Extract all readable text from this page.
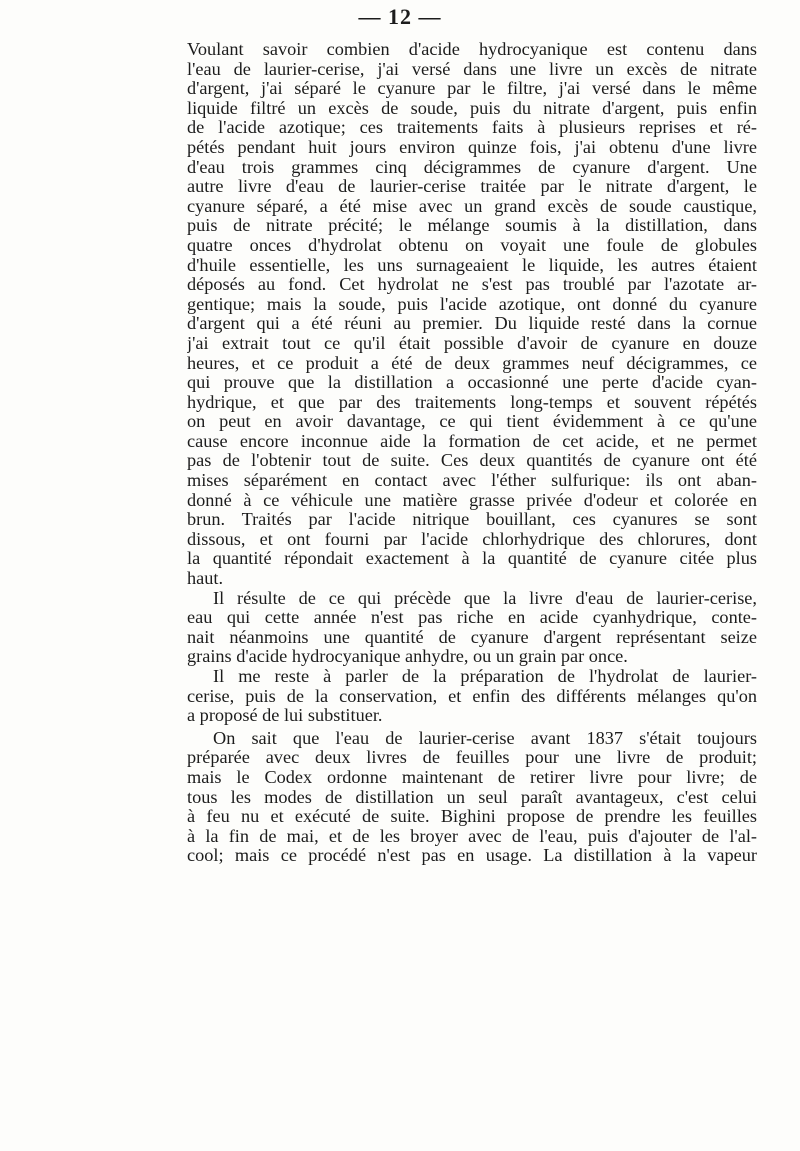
— 12 —
Voulant savoir combien d'acide hydrocyanique est contenu dans
l'eau de laurier-cerise, j'ai versé dans une livre un excès de nitrate
d'argent, j'ai séparé le cyanure par le filtre, j'ai versé dans le même
liquide filtré un excès de soude, puis du nitrate d'argent, puis enfin
de l'acide azotique; ces traitements faits à plusieurs reprises et ré-
pétés pendant huit jours environ quinze fois, j'ai obtenu d'une livre
d'eau trois grammes cinq décigrammes de cyanure d'argent. Une
autre livre d'eau de laurier-cerise traitée par le nitrate d'argent, le
cyanure séparé, a été mise avec un grand excès de soude caustique,
puis de nitrate précité; le mélange soumis à la distillation, dans
quatre onces d'hydrolat obtenu on voyait une foule de globules
d'huile essentielle, les uns surnageaient le liquide, les autres étaient
déposés au fond. Cet hydrolat ne s'est pas troublé par l'azotate ar-
gentique; mais la soude, puis l'acide azotique, ont donné du cyanure
d'argent qui a été réuni au premier. Du liquide resté dans la cornue
j'ai extrait tout ce qu'il était possible d'avoir de cyanure en douze
heures, et ce produit a été de deux grammes neuf décigrammes, ce
qui prouve que la distillation a occasionné une perte d'acide cyan-
hydrique, et que par des traitements long-temps et souvent répétés
on peut en avoir davantage, ce qui tient évidemment à ce qu'une
cause encore inconnue aide la formation de cet acide, et ne permet
pas de l'obtenir tout de suite. Ces deux quantités de cyanure ont été
mises séparément en contact avec l'éther sulfurique: ils ont aban-
donné à ce véhicule une matière grasse privée d'odeur et colorée en
brun. Traités par l'acide nitrique bouillant, ces cyanures se sont
dissous, et ont fourni par l'acide chlorhydrique des chlorures, dont
la quantité répondait exactement à la quantité de cyanure citée plus
haut.
Il résulte de ce qui précède que la livre d'eau de laurier-cerise,
eau qui cette année n'est pas riche en acide cyanhydrique, conte-
nait néanmoins une quantité de cyanure d'argent représentant seize
grains d'acide hydrocyanique anhydre, ou un grain par once.
Il me reste à parler de la préparation de l'hydrolat de laurier-
cerise, puis de la conservation, et enfin des différents mélanges qu'on
a proposé de lui substituer.
On sait que l'eau de laurier-cerise avant 1837 s'était toujours
préparée avec deux livres de feuilles pour une livre de produit;
mais le Codex ordonne maintenant de retirer livre pour livre; de
tous les modes de distillation un seul paraît avantageux, c'est celui
à feu nu et exécuté de suite. Bighini propose de prendre les feuilles
à la fin de mai, et de les broyer avec de l'eau, puis d'ajouter de l'al-
cool; mais ce procédé n'est pas en usage. La distillation à la vapeur
